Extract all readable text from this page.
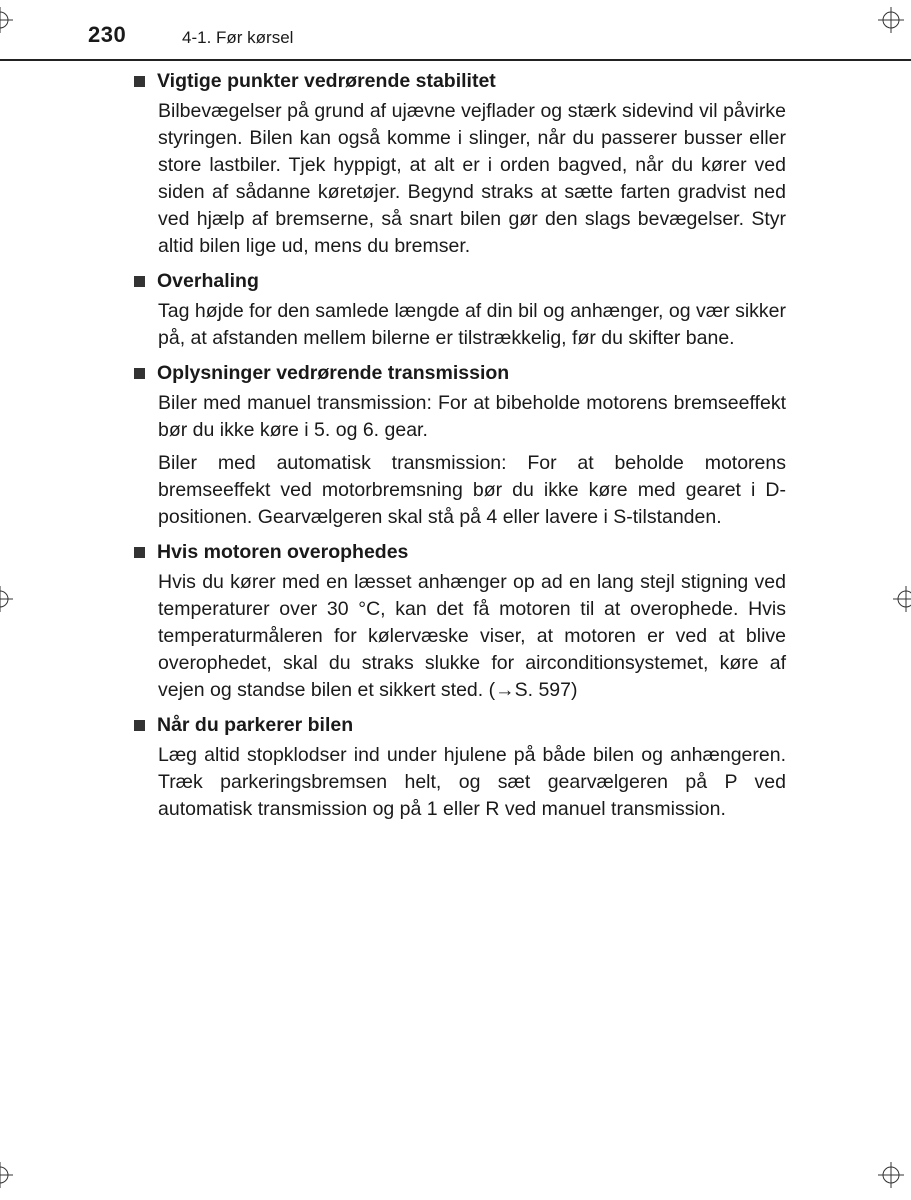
230	4-1. Før kørsel
Vigtige punkter vedrørende stabilitet

Bilbevægelser på grund af ujævne vejflader og stærk sidevind vil påvirke styringen. Bilen kan også komme i slinger, når du passerer busser eller store lastbiler. Tjek hyppigt, at alt er i orden bagved, når du kører ved siden af sådanne køretøjer. Begynd straks at sætte farten gradvist ned ved hjælp af bremserne, så snart bilen gør den slags bevægelser. Styr altid bilen lige ud, mens du bremser.

Overhaling

Tag højde for den samlede længde af din bil og anhænger, og vær sikker på, at afstanden mellem bilerne er tilstrækkelig, før du skifter bane.

Oplysninger vedrørende transmission

Biler med manuel transmission: For at bibeholde motorens bremseeffekt bør du ikke køre i 5. og 6. gear.

Biler med automatisk transmission: For at beholde motorens bremseeffekt ved motorbremsning bør du ikke køre med gearet i D-positionen. Gearvælgeren skal stå på 4 eller lavere i S-tilstanden.

Hvis motoren overophedes

Hvis du kører med en læsset anhænger op ad en lang stejl stigning ved temperaturer over 30 °C, kan det få motoren til at overophede. Hvis temperaturmåleren for kølervæske viser, at motoren er ved at blive overophedet, skal du straks slukke for airconditionsystemet, køre af vejen og standse bilen et sikkert sted. (→S. 597)

Når du parkerer bilen

Læg altid stopklodser ind under hjulene på både bilen og anhængeren. Træk parkeringsbremsen helt, og sæt gearvælgeren på P ved automatisk transmission og på 1 eller R ved manuel transmission.
